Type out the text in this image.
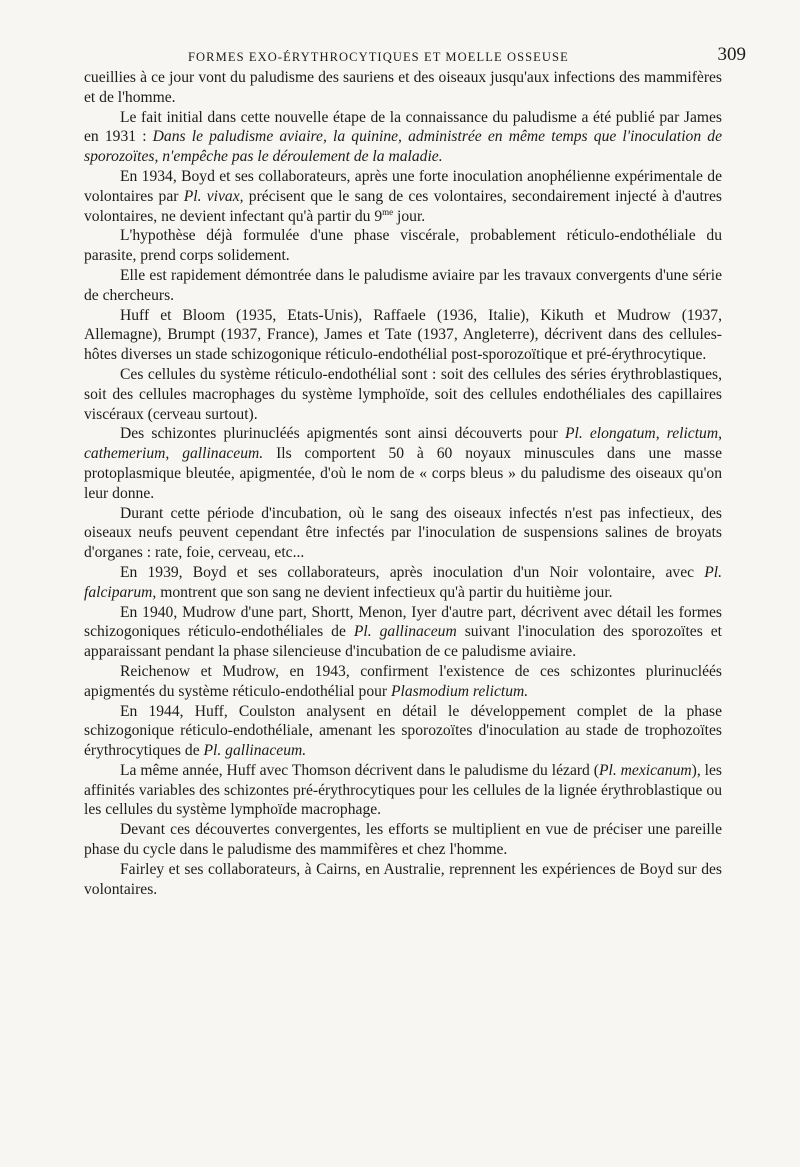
FORMES EXO-ÉRYTHROCYTIQUES ET MOELLE OSSEUSE	309

cueillies à ce jour vont du paludisme des sauriens et des oiseaux jusqu'aux infections des mammifères et de l'homme.

Le fait initial dans cette nouvelle étape de la connaissance du paludisme a été publié par James en 1931 : Dans le paludisme aviaire, la quinine, administrée en même temps que l'inoculation de sporozoïtes, n'empêche pas le déroulement de la maladie.

En 1934, Boyd et ses collaborateurs, après une forte inoculation anophélienne expérimentale de volontaires par Pl. vivax, précisent que le sang de ces volontaires, secondairement injecté à d'autres volontaires, ne devient infectant qu'à partir du $9^{me}$ jour.

L'hypothèse déjà formulée d'une phase viscérale, probablement réticulo-endothéliale du parasite, prend corps solidement.

Elle est rapidement démontrée dans le paludisme aviaire par les travaux convergents d'une série de chercheurs.

Huff et Bloom (1935, Etats-Unis), Raffaele (1936, Italie), Kikuth et Mudrow (1937, Allemagne), Brumpt (1937, France), James et Tate (1937, Angleterre), décrivent dans des cellules-hôtes diverses un stade schizogonique réticulo-endothélial post-sporozoïtique et pré-érythrocytique.

Ces cellules du système réticulo-endothélial sont : soit des cellules des séries érythroblastiques, soit des cellules macrophages du système lymphoïde, soit des cellules endothéliales des capillaires viscéraux (cerveau surtout).

Des schizontes plurinucléés apigmentés sont ainsi découverts pour Pl. elongatum, relictum, cathemerium, gallinaceum. Ils comportent 50 à 60 noyaux minuscules dans une masse protoplasmique bleutée, apigmentée, d'où le nom de « corps bleus » du paludisme des oiseaux qu'on leur donne.

Durant cette période d'incubation, où le sang des oiseaux infectés n'est pas infectieux, des oiseaux neufs peuvent cependant être infectés par l'inoculation de suspensions salines de broyats d'organes : rate, foie, cerveau, etc...

En 1939, Boyd et ses collaborateurs, après inoculation d'un Noir volontaire, avec Pl. falciparum, montrent que son sang ne devient infectieux qu'à partir du huitième jour.

En 1940, Mudrow d'une part, Shortt, Menon, Iyer d'autre part, décrivent avec détail les formes schizogoniques réticulo-endothéliales de Pl. gallinaceum suivant l'inoculation des sporozoïtes et apparaissant pendant la phase silencieuse d'incubation de ce paludisme aviaire.

Reichenow et Mudrow, en 1943, confirment l'existence de ces schizontes plurinucléés apigmentés du système réticulo-endothélial pour Plasmodium relictum.

En 1944, Huff, Coulston analysent en détail le développement complet de la phase schizogonique réticulo-endothéliale, amenant les sporozoïtes d'inoculation au stade de trophozoïtes érythrocytiques de Pl. gallinaceum.

La même année, Huff avec Thomson décrivent dans le paludisme du lézard (Pl. mexicanum), les affinités variables des schizontes pré-érythrocytiques pour les cellules de la lignée érythroblastique ou les cellules du système lymphoïde macrophage.

Devant ces découvertes convergentes, les efforts se multiplient en vue de préciser une pareille phase du cycle dans le paludisme des mammifères et chez l'homme.

Fairley et ses collaborateurs, à Cairns, en Australie, reprennent les expériences de Boyd sur des volontaires.
